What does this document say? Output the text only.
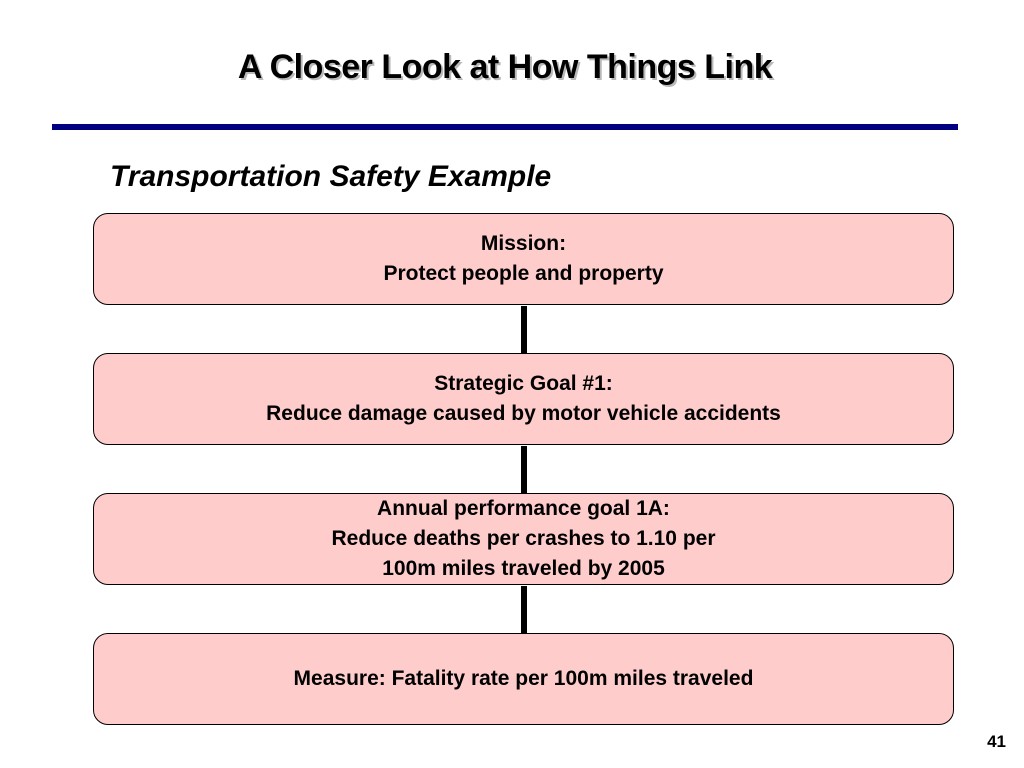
A Closer Look at How Things Link
Transportation Safety Example
Mission:
Protect people and property
Strategic Goal #1:
Reduce damage caused by motor vehicle accidents
Annual performance goal 1A:
Reduce deaths per crashes to 1.10 per
100m miles traveled by 2005
Measure: Fatality rate per 100m miles traveled
41
